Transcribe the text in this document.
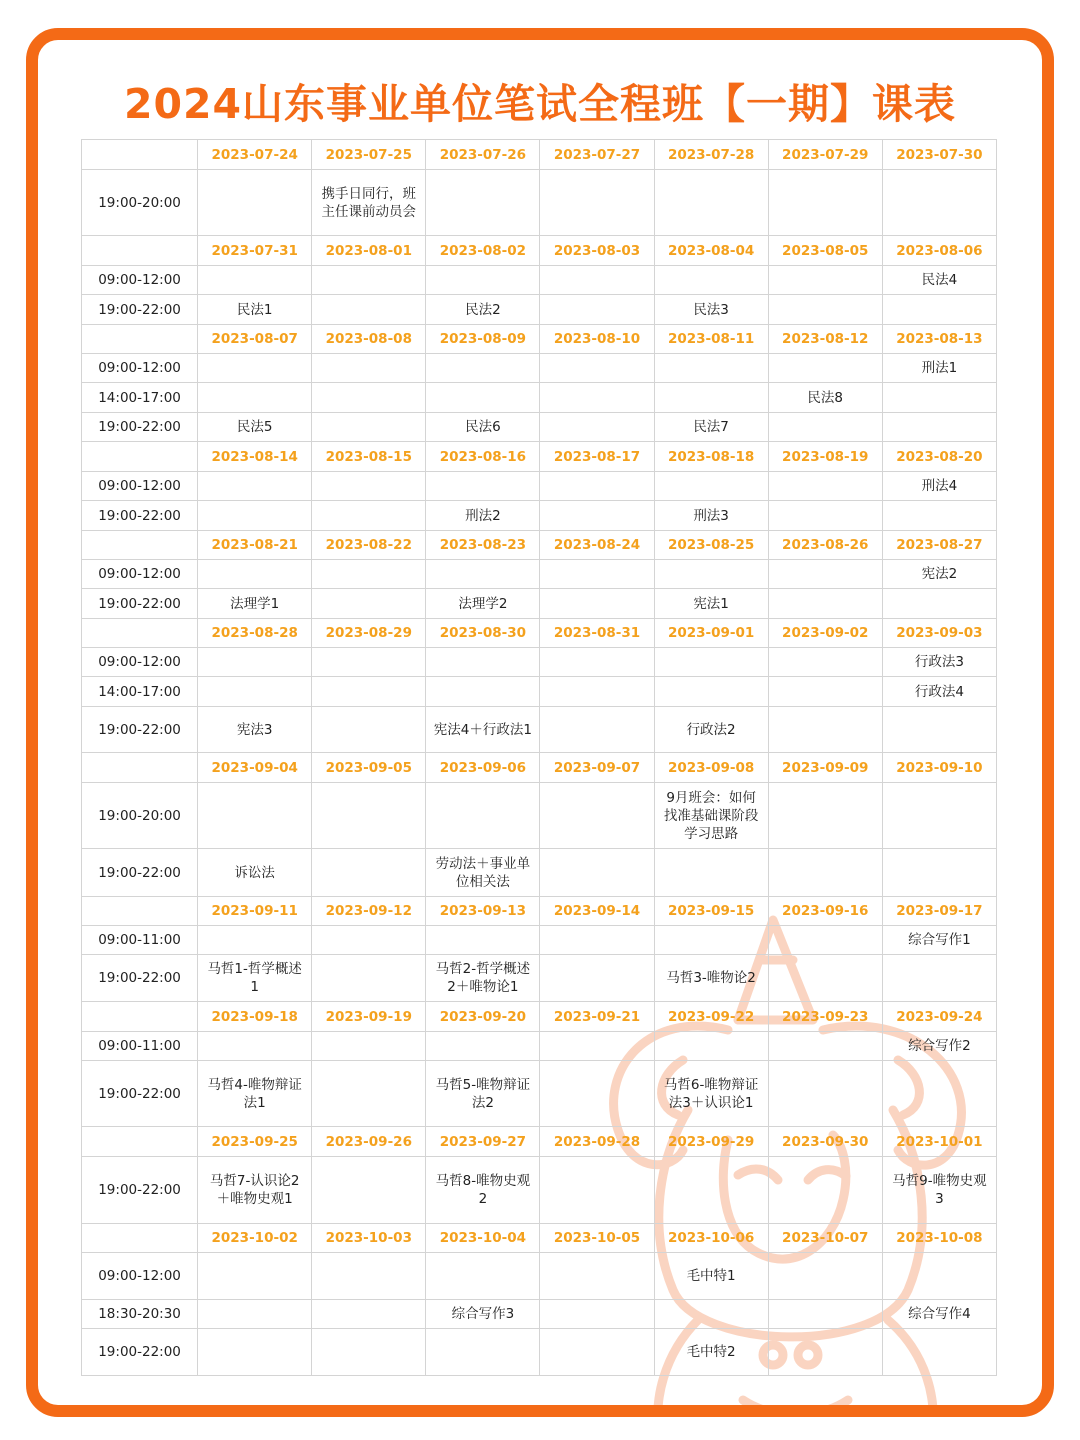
2024山东事业单位笔试全程班【一期】课表
	2023-07-24	2023-07-25	2023-07-26	2023-07-27	2023-07-28	2023-07-29	2023-07-30
19:00-20:00		携手日同行，班主任课前动员会					
	2023-07-31	2023-08-01	2023-08-02	2023-08-03	2023-08-04	2023-08-05	2023-08-06
09:00-12:00							民法4
19:00-22:00	民法1		民法2		民法3		
	2023-08-07	2023-08-08	2023-08-09	2023-08-10	2023-08-11	2023-08-12	2023-08-13
09:00-12:00							刑法1
14:00-17:00						民法8	
19:00-22:00	民法5		民法6		民法7		
	2023-08-14	2023-08-15	2023-08-16	2023-08-17	2023-08-18	2023-08-19	2023-08-20
09:00-12:00							刑法4
19:00-22:00			刑法2		刑法3		
	2023-08-21	2023-08-22	2023-08-23	2023-08-24	2023-08-25	2023-08-26	2023-08-27
09:00-12:00							宪法2
19:00-22:00	法理学1		法理学2		宪法1		
	2023-08-28	2023-08-29	2023-08-30	2023-08-31	2023-09-01	2023-09-02	2023-09-03
09:00-12:00							行政法3
14:00-17:00							行政法4
19:00-22:00	宪法3		宪法4＋行政法1		行政法2		
	2023-09-04	2023-09-05	2023-09-06	2023-09-07	2023-09-08	2023-09-09	2023-09-10
19:00-20:00					9月班会：如何找准基础课阶段学习思路		
19:00-22:00	诉讼法		劳动法＋事业单位相关法				
	2023-09-11	2023-09-12	2023-09-13	2023-09-14	2023-09-15	2023-09-16	2023-09-17
09:00-11:00							综合写作1
19:00-22:00	马哲1-哲学概述1		马哲2-哲学概述2＋唯物论1		马哲3-唯物论2		
	2023-09-18	2023-09-19	2023-09-20	2023-09-21	2023-09-22	2023-09-23	2023-09-24
09:00-11:00							综合写作2
19:00-22:00	马哲4-唯物辩证法1		马哲5-唯物辩证法2		马哲6-唯物辩证法3＋认识论1		
	2023-09-25	2023-09-26	2023-09-27	2023-09-28	2023-09-29	2023-09-30	2023-10-01
19:00-22:00	马哲7-认识论2＋唯物史观1		马哲8-唯物史观2				马哲9-唯物史观3
	2023-10-02	2023-10-03	2023-10-04	2023-10-05	2023-10-06	2023-10-07	2023-10-08
09:00-12:00					毛中特1		
18:30-20:30			综合写作3				综合写作4
19:00-22:00					毛中特2		
